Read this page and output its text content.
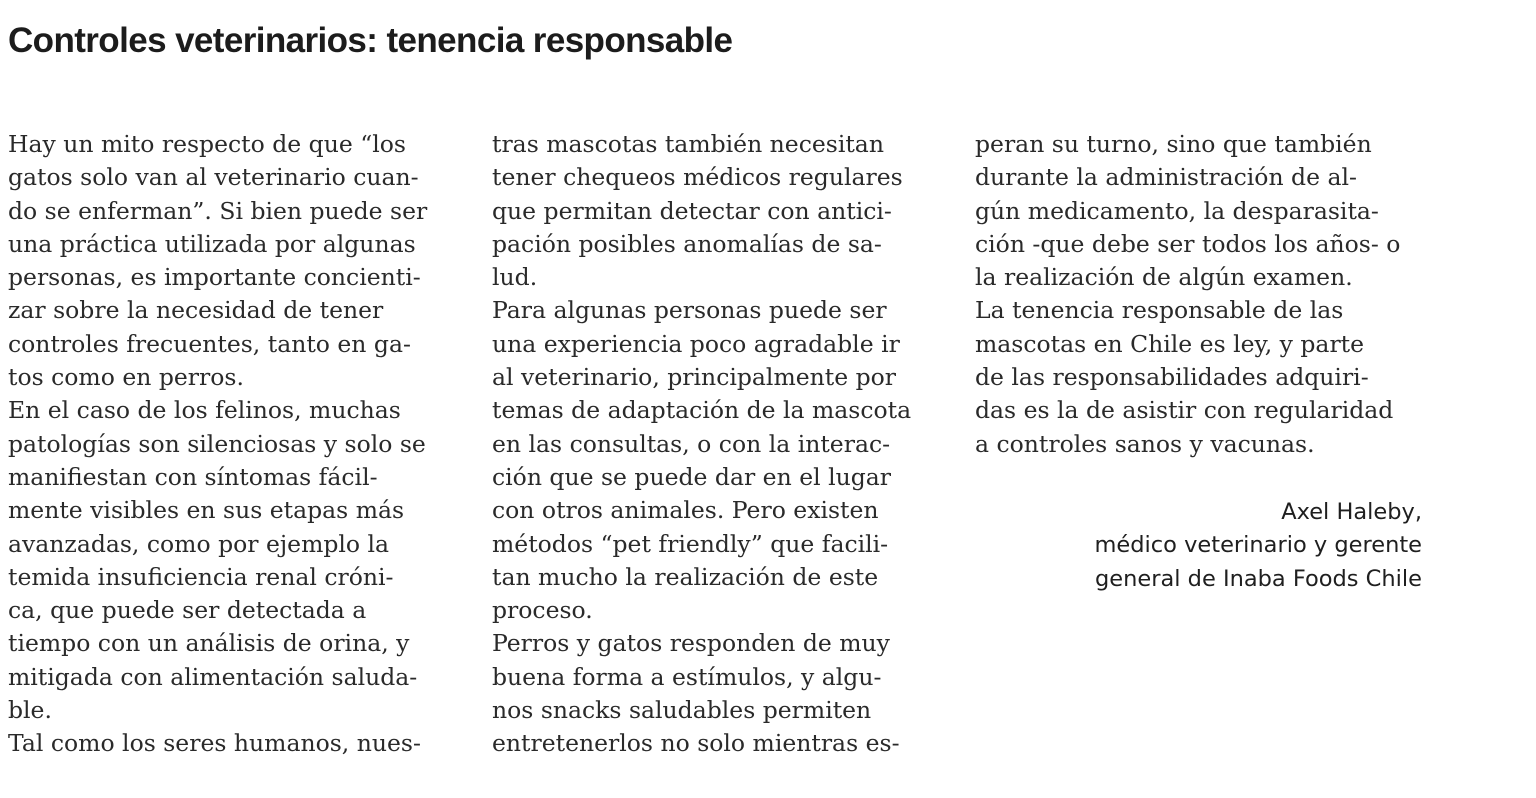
Controles veterinarios: tenencia responsable
Hay un mito respecto de que “los
gatos solo van al veterinario cuan-
do se enferman”. Si bien puede ser
una práctica utilizada por algunas
personas, es importante concienti-
zar sobre la necesidad de tener
controles frecuentes, tanto en ga-
tos como en perros.
En el caso de los felinos, muchas
patologías son silenciosas y solo se
manifiestan con síntomas fácil-
mente visibles en sus etapas más
avanzadas, como por ejemplo la
temida insuficiencia renal cróni-
ca, que puede ser detectada a
tiempo con un análisis de orina, y
mitigada con alimentación saluda-
ble.
Tal como los seres humanos, nues-
tras mascotas también necesitan
tener chequeos médicos regulares
que permitan detectar con antici-
pación posibles anomalías de sa-
lud.
Para algunas personas puede ser
una experiencia poco agradable ir
al veterinario, principalmente por
temas de adaptación de la mascota
en las consultas, o con la interac-
ción que se puede dar en el lugar
con otros animales. Pero existen
métodos “pet friendly” que facili-
tan mucho la realización de este
proceso.
Perros y gatos responden de muy
buena forma a estímulos, y algu-
nos snacks saludables permiten
entretenerlos no solo mientras es-
peran su turno, sino que también
durante la administración de al-
gún medicamento, la desparasita-
ción -que debe ser todos los años- o
la realización de algún examen.
La tenencia responsable de las
mascotas en Chile es ley, y parte
de las responsabilidades adquiri-
das es la de asistir con regularidad
a controles sanos y vacunas.
Axel Haleby,
médico veterinario y gerente
general de Inaba Foods Chile
